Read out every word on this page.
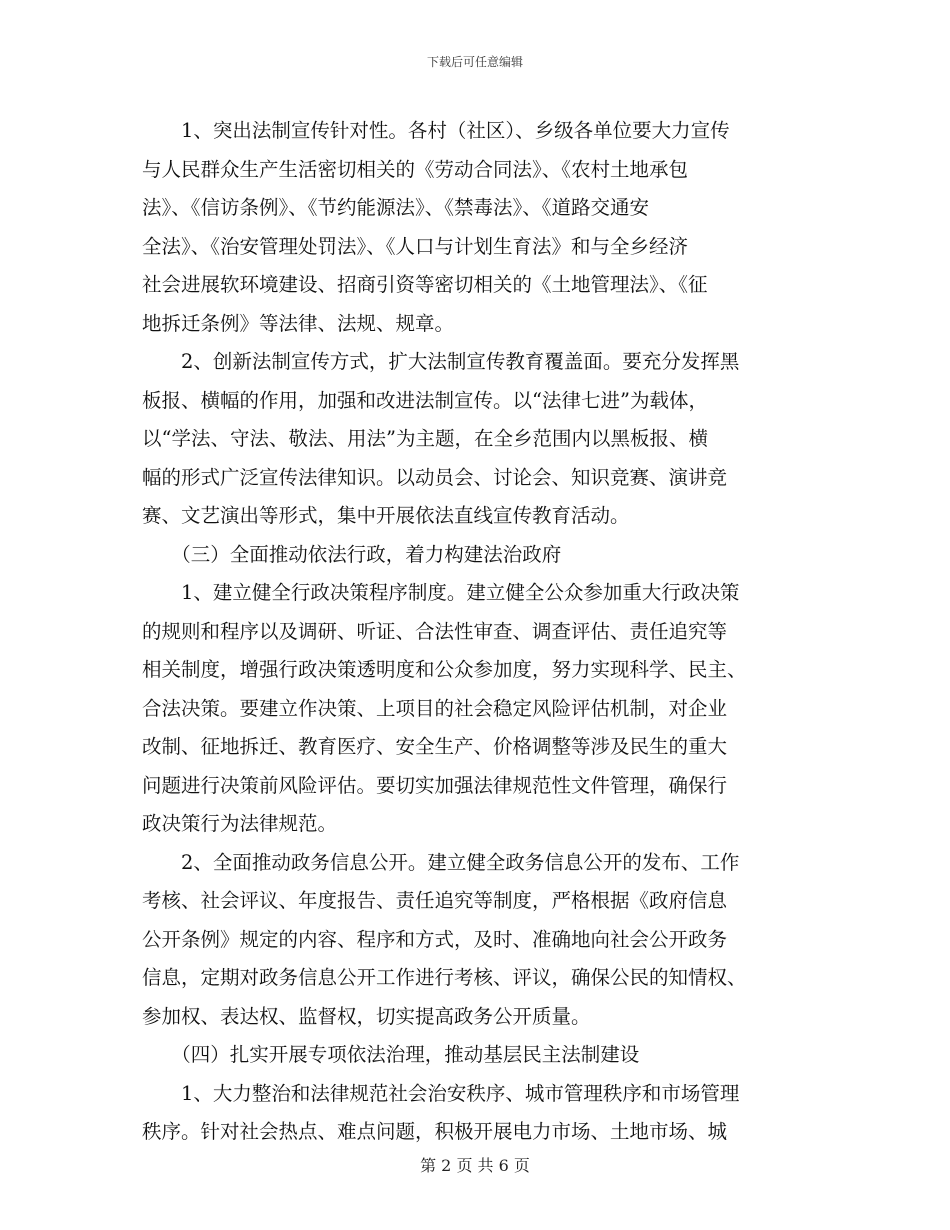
下载后可任意编辑
　　1、突出法制宣传针对性。各村（社区）、乡级各单位要大力宣传
与人民群众生产生活密切相关的《劳动合同法》、《农村土地承包
法》、《信访条例》、《节约能源法》、《禁毒法》、《道路交通安
全法》、《治安管理处罚法》、《人口与计划生育法》和与全乡经济
社会进展软环境建设、招商引资等密切相关的《土地管理法》、《征
地拆迁条例》等法律、法规、规章。
　　2、创新法制宣传方式，扩大法制宣传教育覆盖面。要充分发挥黑
板报、横幅的作用，加强和改进法制宣传。以“法律七进”为载体，
以“学法、守法、敬法、用法”为主题，在全乡范围内以黑板报、横
幅的形式广泛宣传法律知识。以动员会、讨论会、知识竞赛、演讲竞
赛、文艺演出等形式，集中开展依法直线宣传教育活动。
　　（三）全面推动依法行政，着力构建法治政府
　　1、建立健全行政决策程序制度。建立健全公众参加重大行政决策
的规则和程序以及调研、听证、合法性审查、调查评估、责任追究等
相关制度，增强行政决策透明度和公众参加度，努力实现科学、民主、
合法决策。要建立作决策、上项目的社会稳定风险评估机制，对企业
改制、征地拆迁、教育医疗、安全生产、价格调整等涉及民生的重大
问题进行决策前风险评估。要切实加强法律规范性文件管理，确保行
政决策行为法律规范。
　　2、全面推动政务信息公开。建立健全政务信息公开的发布、工作
考核、社会评议、年度报告、责任追究等制度，严格根据《政府信息
公开条例》规定的内容、程序和方式，及时、准确地向社会公开政务
信息，定期对政务信息公开工作进行考核、评议，确保公民的知情权、
参加权、表达权、监督权，切实提高政务公开质量。
　　（四）扎实开展专项依法治理，推动基层民主法制建设
　　1、大力整治和法律规范社会治安秩序、城市管理秩序和市场管理
秩序。针对社会热点、难点问题，积极开展电力市场、土地市场、城
第 2 页 共 6 页
